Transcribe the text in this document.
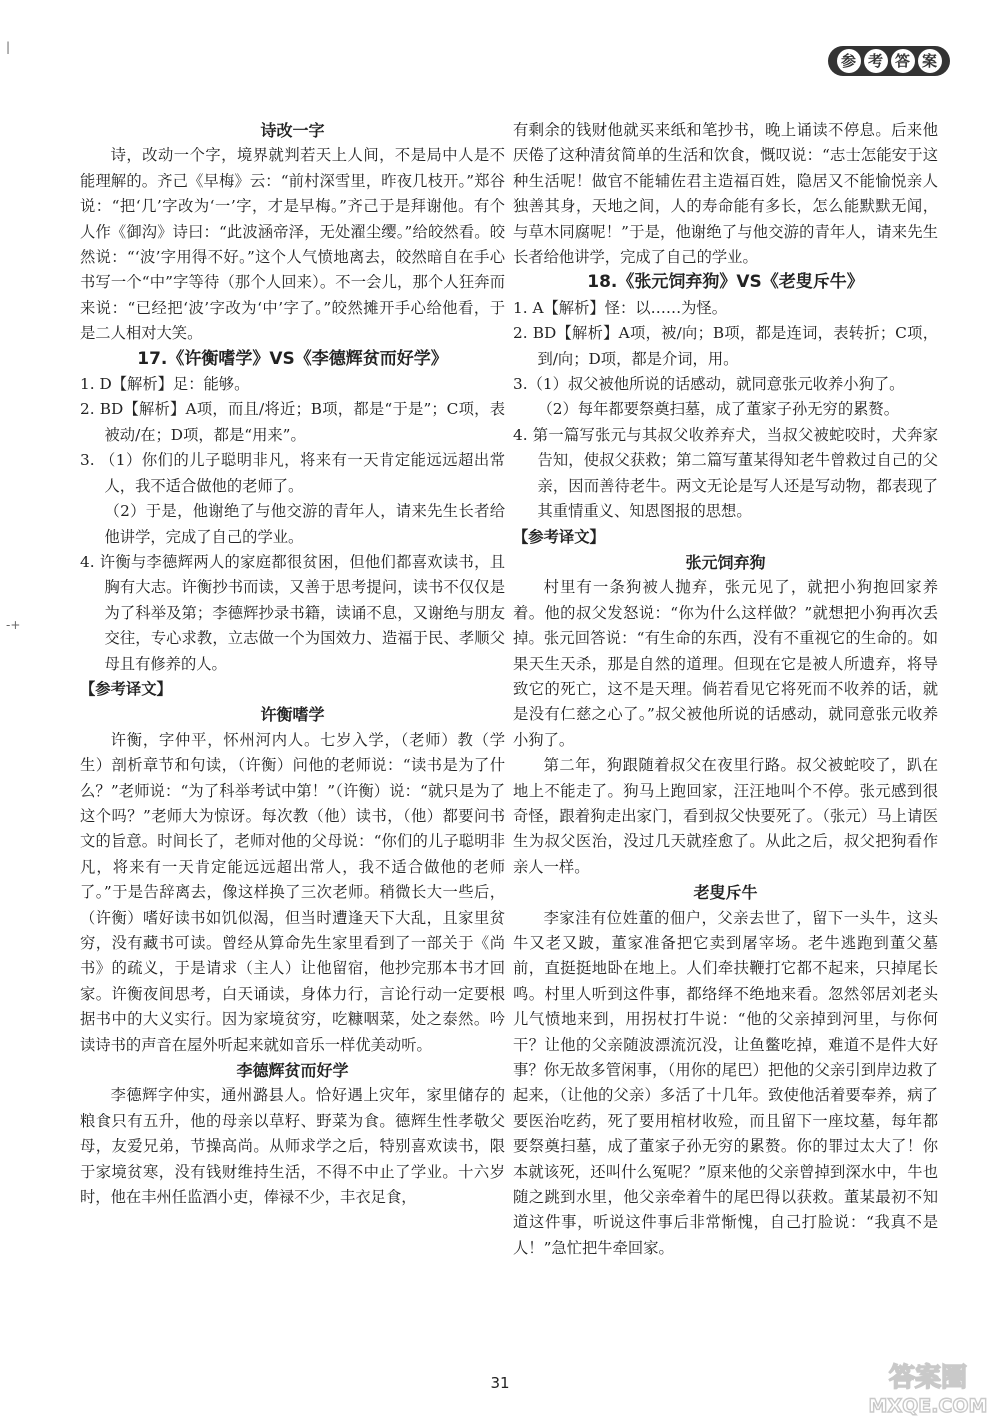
参 考 答 案
|
-+
诗改一字

诗，改动一个字，境界就判若天上人间，不是局中人是不能理解的。齐己《早梅》云：“前村深雪里，昨夜几枝开。”郑谷说：“把‘几’字改为‘一’字，才是早梅。”齐己于是拜谢他。有个人作《御沟》诗曰：“此波涵帝泽，无处濯尘缨。”给皎然看。皎然说：“‘波’字用得不好。”这个人气愤地离去，皎然暗自在手心书写一个“中”字等待（那个人回来）。不一会儿，那个人狂奔而来说：“已经把‘波’字改为‘中’字了。”皎然摊开手心给他看，于是二人相对大笑。

17.《许衡嗜学》VS《李德辉贫而好学》

1. D【解析】足：能够。

2. BD【解析】A项，而且/将近；B项，都是“于是”；C项，表被动/在；D项，都是“用来”。

3. （1）你们的儿子聪明非凡，将来有一天肯定能远远超出常人，我不适合做他的老师了。

（2）于是，他谢绝了与他交游的青年人，请来先生长者给他讲学，完成了自己的学业。

4. 许衡与李德辉两人的家庭都很贫困，但他们都喜欢读书，且胸有大志。许衡抄书而读，又善于思考提问，读书不仅仅是为了科举及第；李德辉抄录书籍，读诵不息，又谢绝与朋友交往，专心求教，立志做一个为国效力、造福于民、孝顺父母且有修养的人。

【参考译文】
许衡嗜学

许衡，字仲平，怀州河内人。七岁入学，（老师）教（学生）剖析章节和句读，（许衡）问他的老师说：“读书是为了什么？”老师说：“为了科举考试中第！”（许衡）说：“就只是为了这个吗？”老师大为惊讶。每次教（他）读书，（他）都要问书文的旨意。时间长了，老师对他的父母说：“你们的儿子聪明非凡，将来有一天肯定能远远超出常人，我不适合做他的老师了。”于是告辞离去，像这样换了三次老师。稍微长大一些后，（许衡）嗜好读书如饥似渴，但当时遭逢天下大乱，且家里贫穷，没有藏书可读。曾经从算命先生家里看到了一部关于《尚书》的疏义，于是请求（主人）让他留宿，他抄完那本书才回家。许衡夜间思考，白天诵读，身体力行，言论行动一定要根据书中的大义实行。因为家境贫穷，吃糠咽菜，处之泰然。吟读诗书的声音在屋外听起来就如音乐一样优美动听。

李德辉贫而好学

李德辉字仲实，通州潞县人。恰好遇上灾年，家里储存的粮食只有五升，他的母亲以草籽、野菜为食。德辉生性孝敬父母，友爱兄弟，节操高尚。从师求学之后，特别喜欢读书，限于家境贫寒，没有钱财维持生活，不得不中止了学业。十六岁时，他在丰州任监酒小吏，俸禄不少，丰衣足食，

有剩余的钱财他就买来纸和笔抄书，晚上诵读不停息。后来他厌倦了这种清贫简单的生活和饮食，慨叹说：“志士怎能安于这种生活呢！做官不能辅佐君主造福百姓，隐居又不能愉悦亲人独善其身，天地之间，人的寿命能有多长，怎么能默默无闻，与草木同腐呢！”于是，他谢绝了与他交游的青年人，请来先生长者给他讲学，完成了自己的学业。

18.《张元饲弃狗》VS《老叟斥牛》

1. A【解析】怪：以……为怪。

2. BD【解析】A项，被/向；B项，都是连词，表转折；C项，到/向；D项，都是介词，用。

3.（1）叔父被他所说的话感动，就同意张元收养小狗了。

（2）每年都要祭奠扫墓，成了董家子孙无穷的累赘。

4. 第一篇写张元与其叔父收养弃犬，当叔父被蛇咬时，犬奔家告知，使叔父获救；第二篇写董某得知老牛曾救过自己的父亲，因而善待老牛。两文无论是写人还是写动物，都表现了其重情重义、知恩图报的思想。

【参考译文】
张元饲弃狗

村里有一条狗被人抛弃，张元见了，就把小狗抱回家养着。他的叔父发怒说：“你为什么这样做？”就想把小狗再次丢掉。张元回答说：“有生命的东西，没有不重视它的生命的。如果天生天杀，那是自然的道理。但现在它是被人所遗弃，将导致它的死亡，这不是天理。倘若看见它将死而不收养的话，就是没有仁慈之心了。”叔父被他所说的话感动，就同意张元收养小狗了。

第二年，狗跟随着叔父在夜里行路。叔父被蛇咬了，趴在地上不能走了。狗马上跑回家，汪汪地叫个不停。张元感到很奇怪，跟着狗走出家门，看到叔父快要死了。（张元）马上请医生为叔父医治，没过几天就痊愈了。从此之后，叔父把狗看作亲人一样。

老叟斥牛

李家洼有位姓董的佃户，父亲去世了，留下一头牛，这头牛又老又跛，董家准备把它卖到屠宰场。老牛逃跑到董父墓前，直挺挺地卧在地上。人们牵扶鞭打它都不起来，只掉尾长鸣。村里人听到这件事，都络绎不绝地来看。忽然邻居刘老头儿气愤地来到，用拐杖打牛说：“他的父亲掉到河里，与你何干？让他的父亲随波漂流沉没，让鱼鳖吃掉，难道不是件大好事？你无故多管闲事，（用你的尾巴）把他的父亲引到岸边救了起来，（让他的父亲）多活了十几年。致使他活着要奉养，病了要医治吃药，死了要用棺材收殓，而且留下一座坟墓，每年都要祭奠扫墓，成了董家子孙无穷的累赘。你的罪过太大了！你本就该死，还叫什么冤呢？”原来他的父亲曾掉到深水中，牛也随之跳到水里，他父亲牵着牛的尾巴得以获救。董某最初不知道这件事，听说这件事后非常惭愧，自己打脸说：“我真不是人！”急忙把牛牵回家。

31	答案圈
MXQE.COM
